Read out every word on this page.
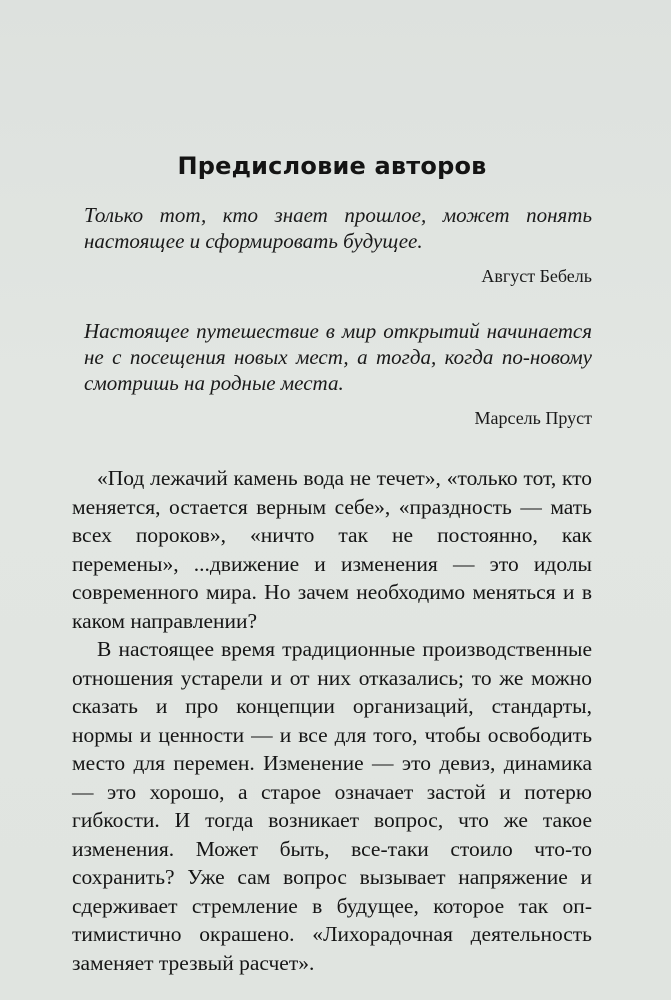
Предисловие авторов

Только тот, кто знает прошлое, может понять настоящее и сформировать будущее.

Август Бебель

Настоящее путешествие в мир открытий начинается не с посещения новых мест, а тогда, когда по-новому смотришь на родные места.

Марсель Пруст

«Под лежачий камень вода не течет», «только тот, кто меняется, остается верным себе», «праздность — мать всех пороков», «ничто так не постоянно, как перемены», ...движение и изменения — это идолы современного мира. Но зачем необходимо меняться и в каком направлении?

В настоящее время традиционные производственные отношения устарели и от них отказались; то же можно сказать и про концепции организаций, стандарты, нормы и ценности — и все для того, чтобы освободить место для перемен. Изменение — это девиз, динамика — это хорошо, а старое означает застой и потерю гибкости. И тогда возникает вопрос, что же такое изменения. Может быть, все-таки стоило что-то сохранить? Уже сам вопрос вызывает напряжение и сдерживает стремление в будущее, которое так оптимистично окрашено. «Лихорадочная деятельность заменяет трезвый расчет».
